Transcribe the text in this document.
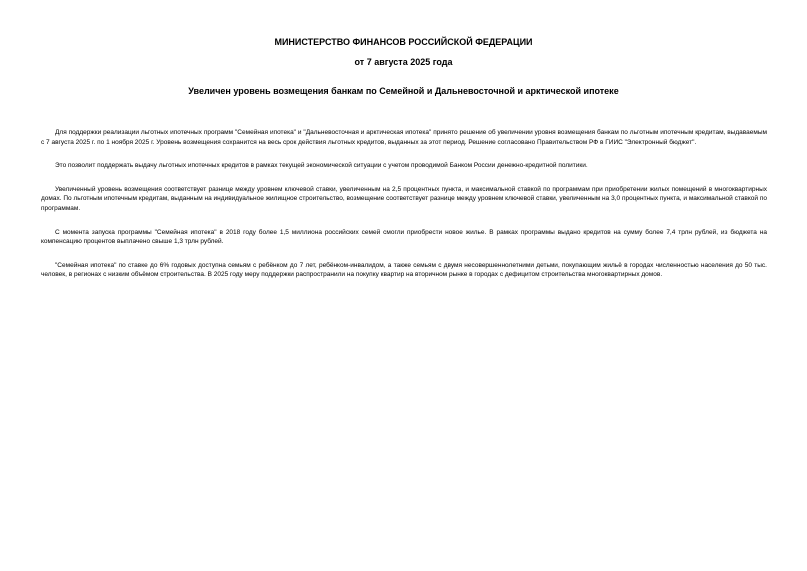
МИНИСТЕРСТВО ФИНАНСОВ РОССИЙСКОЙ ФЕДЕРАЦИИ
от 7 августа 2025 года
Увеличен уровень возмещения банкам по Семейной и Дальневосточной и арктической ипотеке

Для поддержки реализации льготных ипотечных программ "Семейная ипотека" и "Дальневосточная и арктическая ипотека" принято решение об увеличении уровня возмещения банкам по льготным ипотечным кредитам, выдаваемым с 7 августа 2025 г. по 1 ноября 2025 г. Уровень возмещения сохранится на весь срок действия льготных кредитов, выданных за этот период. Решение согласовано Правительством РФ в ГИИС "Электронный бюджет".

Это позволит поддержать выдачу льготных ипотечных кредитов в рамках текущей экономической ситуации с учетом проводимой Банком России денежно-кредитной политики.

Увеличенный уровень возмещения соответствует разнице между уровнем ключевой ставки, увеличенным на 2,5 процентных пункта, и максимальной ставкой по программам при приобретении жилых помещений в многоквартирных домах. По льготным ипотечным кредитам, выданным на индивидуальное жилищное строительство, возмещение соответствует разнице между уровнем ключевой ставки, увеличенным на 3,0 процентных пункта, и максимальной ставкой по программам.

С момента запуска программы "Семейная ипотека" в 2018 году более 1,5 миллиона российских семей смогли приобрести новое жилье. В рамках программы выдано кредитов на сумму более 7,4 трлн рублей, из бюджета на компенсацию процентов выплачено свыше 1,3 трлн рублей.

"Семейная ипотека" по ставке до 6% годовых доступна семьям с ребёнком до 7 лет, ребёнком-инвалидом, а также семьям с двумя несовершеннолетними детьми, покупающим жильё в городах численностью населения до 50 тыс. человек, в регионах с низким объёмом строительства. В 2025 году меру поддержки распространили на покупку квартир на вторичном рынке в городах с дефицитом строительства многоквартирных домов.
